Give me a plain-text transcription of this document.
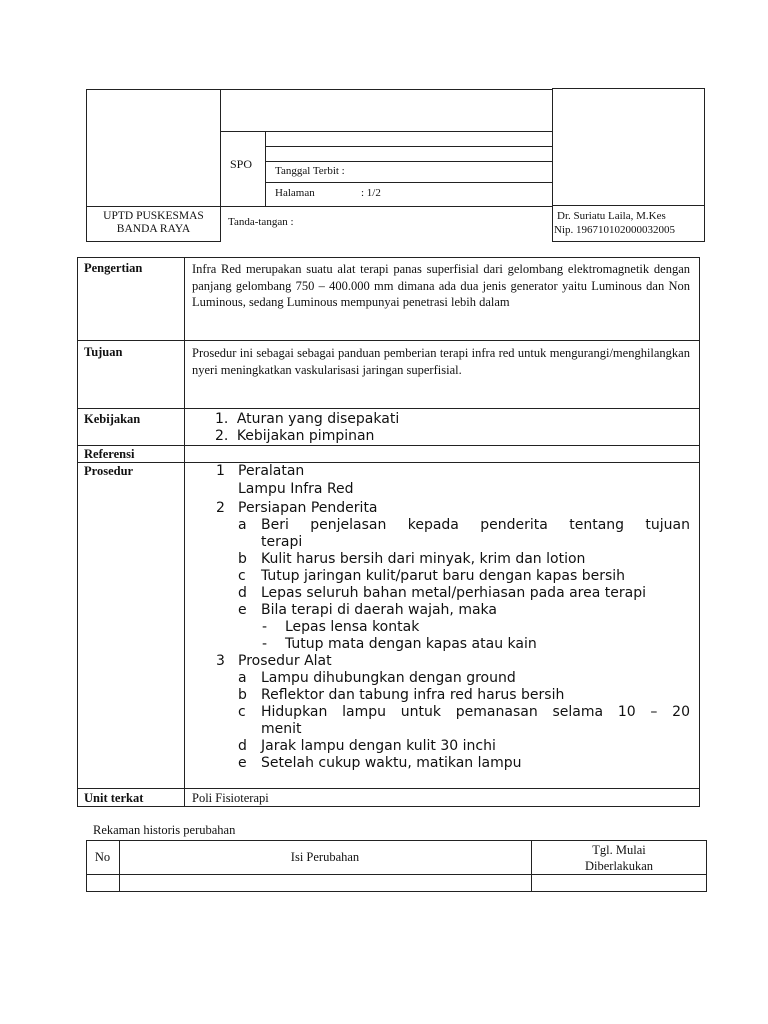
SPO Tanggal Terbit :
Halaman	: 1/2
UPTD PUSKESMAS
BANDA RAYA
Tanda-tangan :	Dr. Suriatu Laila, M.Kes
Nip. 196710102000032005
Pengertian	Infra Red merupakan suatu alat terapi panas superfisial dari gelombang elektromagnetik dengan panjang gelombang 750 – 400.000 mm dimana ada dua jenis generator yaitu Luminous dan Non Luminous, sedang Luminous mempunyai penetrasi lebih dalam
Tujuan	Prosedur ini sebagai sebagai panduan pemberian terapi infra red untuk mengurangi/menghilangkan nyeri meningkatkan vaskularisasi jaringan superfisial.
Kebijakan	1. Aturan yang disepakati
2. Kebijakan pimpinan
Referensi
Prosedur	1 Peralatan
Lampu Infra Red
2 Persiapan Penderita
a Beri penjelasan kepada penderita tentang tujuan
terapi
b Kulit harus bersih dari minyak, krim dan lotion
c Tutup jaringan kulit/parut baru dengan kapas bersih
d Lepas seluruh bahan metal/perhiasan pada area terapi
e Bila terapi di daerah wajah, maka
- Lepas lensa kontak
- Tutup mata dengan kapas atau kain
3 Prosedur Alat
a Lampu dihubungkan dengan ground
b Reflektor dan tabung infra red harus bersih
c Hidupkan lampu untuk pemanasan selama 10 – 20
menit
d Jarak lampu dengan kulit 30 inchi
e Setelah cukup waktu, matikan lampu
Unit terkat	Poli Fisioterapi
Rekaman historis perubahan
No	Isi Perubahan	Tgl. Mulai
Diberlakukan
